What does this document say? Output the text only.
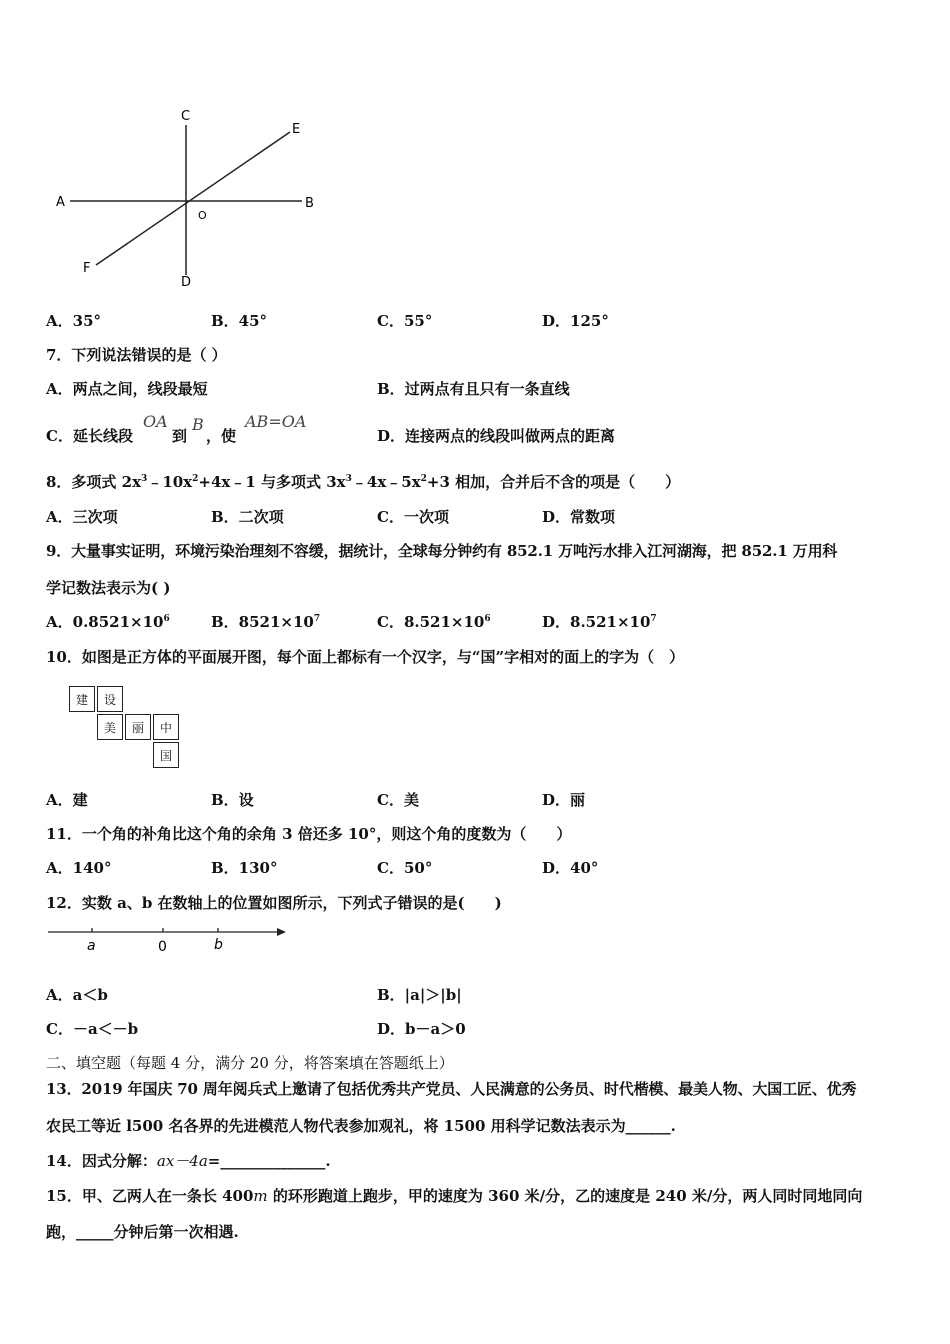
A	B
C
D
E
F
O
A．35°	B．45°	C．55°	D．125°
7．下列说法错误的是（ ）
A．两点之间，线段最短	B．过两点有且只有一条直线
C．延长线段
OA
到
B
，使
AB=OA
D．连接两点的线段叫做两点的距离
8．多项式 $2x^3﹣10x^2+4x﹣1$ 与多项式 $3x^3﹣4x﹣5x^2+3$ 相加，合并后不含的项是（　　）
A．三次项	B．二次项	C．一次项	D．常数项
9．大量事实证明，环境污染治理刻不容缓，据统计，全球每分钟约有 852.1 万吨污水排入江河湖海，把 852.1 万用科
学记数法表示为( )
A．$0.8521\times 10^6$	B．$8521\times 10^7$	C．$8.521\times 10^6$	D．$8.521\times 10^7$
10．如图是正方体的平面展开图，每个面上都标有一个汉字，与“国”字相对的面上的字为（　）
建	设
美	丽	中
国
A．建	B．设	C．美	D．丽
11．一个角的补角比这个角的余角 3 倍还多 10°，则这个角的度数为（　　）
A．140°	B．130°	C．50°	D．40°
12．实数 a、b 在数轴上的位置如图所示，下列式子错误的是(　　)
a	0	b
A．a＜b	B．|a|＞|b|
C．－a＜－b	D．b－a＞0
二、填空题（每题 4 分，满分 20 分，将答案填在答题纸上）
13．2019 年国庆 70 周年阅兵式上邀请了包括优秀共产党员、人民满意的公务员、时代楷模、最美人物、大国工匠、优秀
农民工等近 l500 名各界的先进模范人物代表参加观礼，将 1500 用科学记数法表示为______.
14．因式分解：ax－4a=______________.
15．甲、乙两人在一条长 400m 的环形跑道上跑步，甲的速度为 360 米/分，乙的速度是 240 米/分，两人同时同地同向
跑，_____分钟后第一次相遇.
